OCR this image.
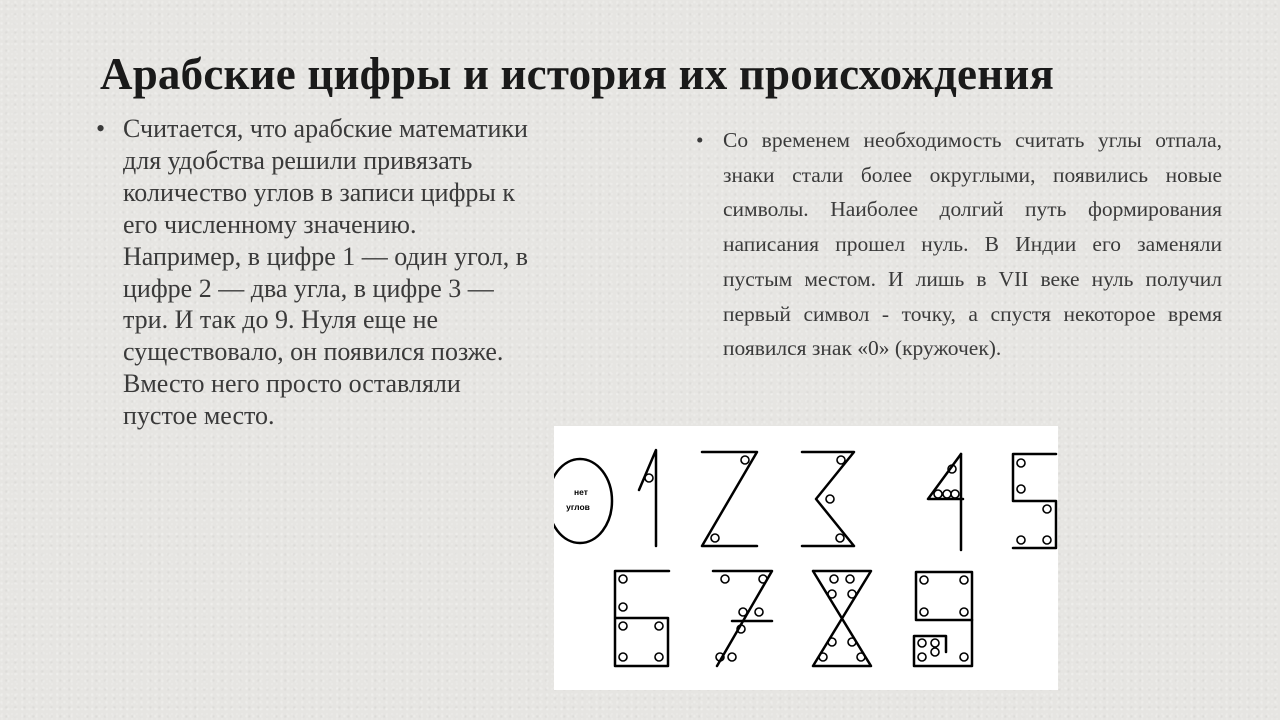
Арабские цифры и история их происхождения
• Считается, что арабские математики для удобства решили привязать количество углов в записи цифры к его численному значению. Например, в цифре 1 — один угол, в цифре 2 — два угла, в цифре 3 — три. И так до 9. Нуля еще не существовало, он появился позже. Вместо него просто оставляли пустое место.
• Со временем необходимость считать углы отпала, знаки стали более округлыми, появились новые символы. Наиболее долгий путь формирования написания прошел нуль. В Индии его заменяли пустым местом. И лишь в VII веке нуль получил первый символ - точку, а спустя некоторое время появился знак «0» (кружочек).
нет
углов
